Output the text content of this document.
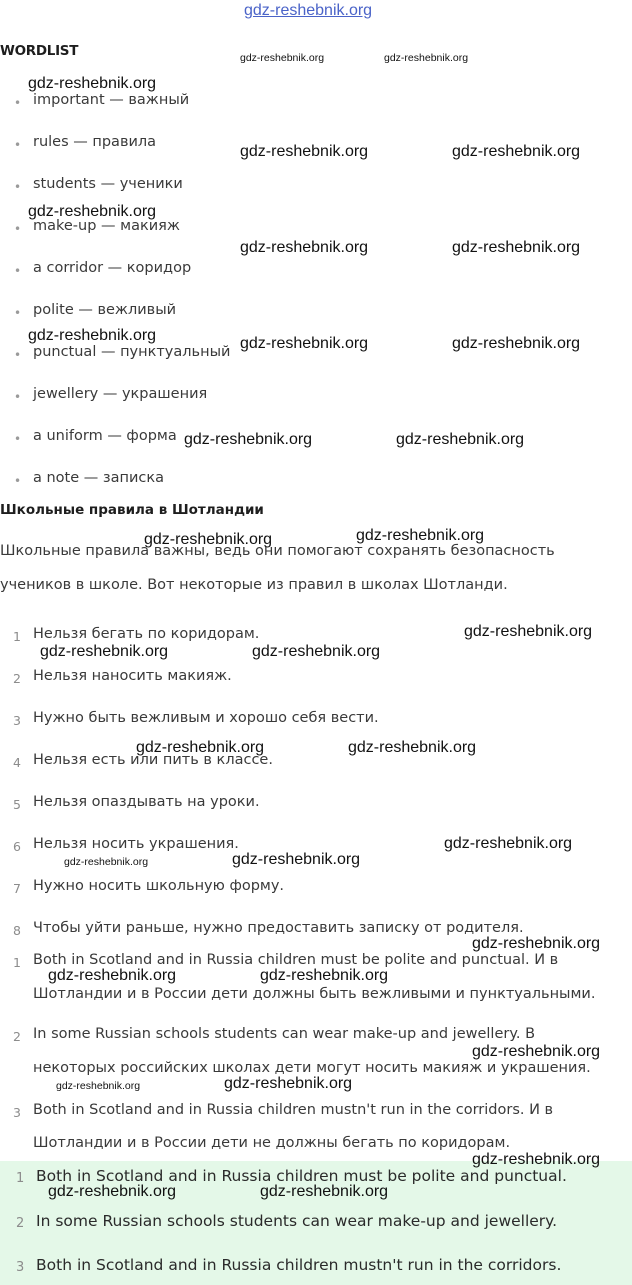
gdz-reshebnik.org
WORDLIST
• important — важный
• rules — правила
• students — ученики
• make-up — макияж
• a corridor — коридор
• polite — вежливый
• punctual — пунктуальный
• jewellery — украшения
• a uniform — форма
• a note — записка
Школьные правила в Шотландии
Школьные правила важны, ведь они помогают сохранять безопасность
учеников в школе. Вот некоторые из правил в школах Шотланди.
1 Нельзя бегать по коридорам.
2 Нельзя наносить макияж.
3 Нужно быть вежливым и хорошо себя вести.
4 Нельзя есть или пить в классе.
5 Нельзя опаздывать на уроки.
6 Нельзя носить украшения.
7 Нужно носить школьную форму.
8 Чтобы уйти раньше, нужно предоставить записку от родителя.
1 Both in Scotland and in Russia children must be polite and punctual. И в
Шотландии и в России дети должны быть вежливыми и пунктуальными.
2 In some Russian schools students can wear make-up and jewellery. В
некоторых российских школах дети могут носить макияж и украшения.
3 Both in Scotland and in Russia children mustn't run in the corridors. И в
Шотландии и в России дети не должны бегать по коридорам.
1 Both in Scotland and in Russia children must be polite and punctual.
2 In some Russian schools students can wear make-up and jewellery.
3 Both in Scotland and in Russia children mustn't run in the corridors.
gdz-reshebnik.org	gdz-reshebnik.org
gdz-reshebnik.org
gdz-reshebnik.org	gdz-reshebnik.org
gdz-reshebnik.org
gdz-reshebnik.org	gdz-reshebnik.org
gdz-reshebnik.org	gdz-reshebnik.org	gdz-reshebnik.org
gdz-reshebnik.org	gdz-reshebnik.org
gdz-reshebnik.org
gdz-reshebnik.org
gdz-reshebnik.org
gdz-reshebnik.org	gdz-reshebnik.org
gdz-reshebnik.org	gdz-reshebnik.org
gdz-reshebnik.org
gdz-reshebnik.org	gdz-reshebnik.org
gdz-reshebnik.org
gdz-reshebnik.org	gdz-reshebnik.org
gdz-reshebnik.org
gdz-reshebnik.org	gdz-reshebnik.org
gdz-reshebnik.org
gdz-reshebnik.org	gdz-reshebnik.org
